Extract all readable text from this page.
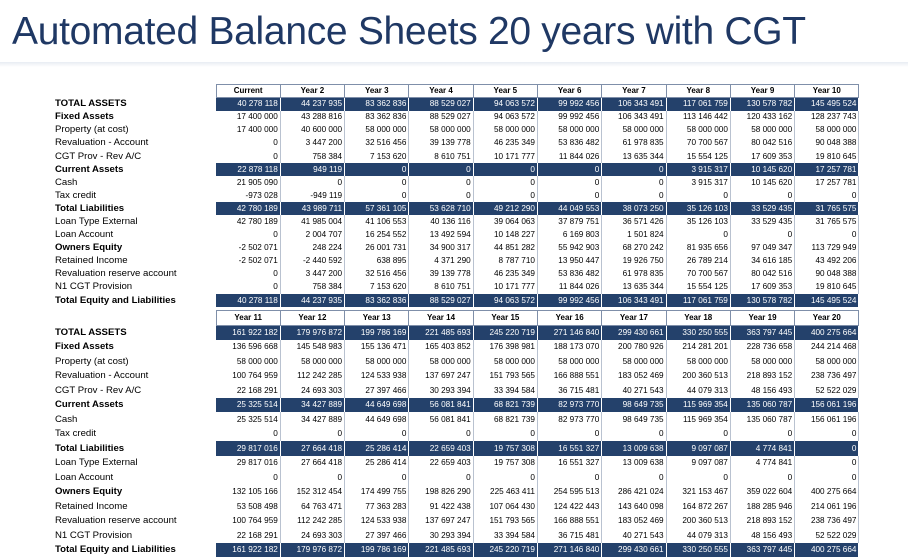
Automated Balance Sheets 20 years with CGT
	Current	Year 2	Year 3	Year 4	Year 5	Year 6	Year 7	Year 8	Year 9	Year 10
TOTAL ASSETS	40 278 118	44 237 935	83 362 836	88 529 027	94 063 572	99 992 456	106 343 491	117 061 759	130 578 782	145 495 524
Fixed Assets	17 400 000	43 288 816	83 362 836	88 529 027	94 063 572	99 992 456	106 343 491	113 146 442	120 433 162	128 237 743
Property (at cost)	17 400 000	40 600 000	58 000 000	58 000 000	58 000 000	58 000 000	58 000 000	58 000 000	58 000 000	58 000 000
Revaluation - Account	0	3 447 200	32 516 456	39 139 778	46 235 349	53 836 482	61 978 835	70 700 567	80 042 516	90 048 388
CGT Prov - Rev A/C	0	758 384	7 153 620	8 610 751	10 171 777	11 844 026	13 635 344	15 554 125	17 609 353	19 810 645
Current Assets	22 878 118	949 119	0	0	0	0	0	3 915 317	10 145 620	17 257 781
Cash	21 905 090	0	0	0	0	0	0	3 915 317	10 145 620	17 257 781
Tax credit	-973 028	-949 119	0	0	0	0	0	0	0	0
Total Liabilities	42 780 189	43 989 711	57 361 105	53 628 710	49 212 290	44 049 553	38 073 250	35 126 103	33 529 435	31 765 575
Loan Type External	42 780 189	41 985 004	41 106 553	40 136 116	39 064 063	37 879 751	36 571 426	35 126 103	33 529 435	31 765 575
Loan Account	0	2 004 707	16 254 552	13 492 594	10 148 227	6 169 803	1 501 824	0	0	0
Owners Equity	-2 502 071	248 224	26 001 731	34 900 317	44 851 282	55 942 903	68 270 242	81 935 656	97 049 347	113 729 949
Retained Income	-2 502 071	-2 440 592	638 895	4 371 290	8 787 710	13 950 447	19 926 750	26 789 214	34 616 185	43 492 206
Revaluation reserve account	0	3 447 200	32 516 456	39 139 778	46 235 349	53 836 482	61 978 835	70 700 567	80 042 516	90 048 388
N1 CGT Provision	0	758 384	7 153 620	8 610 751	10 171 777	11 844 026	13 635 344	15 554 125	17 609 353	19 810 645
Total Equity and Liabilities	40 278 118	44 237 935	83 362 836	88 529 027	94 063 572	99 992 456	106 343 491	117 061 759	130 578 782	145 495 524
	Year 11	Year 12	Year 13	Year 14	Year 15	Year 16	Year 17	Year 18	Year 19	Year 20
TOTAL ASSETS	161 922 182	179 976 872	199 786 169	221 485 693	245 220 719	271 146 840	299 430 661	330 250 555	363 797 445	400 275 664
Fixed Assets	136 596 668	145 548 983	155 136 471	165 403 852	176 398 981	188 173 070	200 780 926	214 281 201	228 736 658	244 214 468
Property (at cost)	58 000 000	58 000 000	58 000 000	58 000 000	58 000 000	58 000 000	58 000 000	58 000 000	58 000 000	58 000 000
Revaluation - Account	100 764 959	112 242 285	124 533 938	137 697 247	151 793 565	166 888 551	183 052 469	200 360 513	218 893 152	238 736 497
CGT Prov - Rev A/C	22 168 291	24 693 303	27 397 466	30 293 394	33 394 584	36 715 481	40 271 543	44 079 313	48 156 493	52 522 029
Current Assets	25 325 514	34 427 889	44 649 698	56 081 841	68 821 739	82 973 770	98 649 735	115 969 354	135 060 787	156 061 196
Cash	25 325 514	34 427 889	44 649 698	56 081 841	68 821 739	82 973 770	98 649 735	115 969 354	135 060 787	156 061 196
Tax credit	0	0	0	0	0	0	0	0	0	0
Total Liabilities	29 817 016	27 664 418	25 286 414	22 659 403	19 757 308	16 551 327	13 009 638	9 097 087	4 774 841	0
Loan Type External	29 817 016	27 664 418	25 286 414	22 659 403	19 757 308	16 551 327	13 009 638	9 097 087	4 774 841	0
Loan Account	0	0	0	0	0	0	0	0	0	0
Owners Equity	132 105 166	152 312 454	174 499 755	198 826 290	225 463 411	254 595 513	286 421 024	321 153 467	359 022 604	400 275 664
Retained Income	53 508 498	64 763 471	77 363 283	91 422 438	107 064 430	124 422 443	143 640 098	164 872 267	188 285 946	214 061 196
Revaluation reserve account	100 764 959	112 242 285	124 533 938	137 697 247	151 793 565	166 888 551	183 052 469	200 360 513	218 893 152	238 736 497
N1 CGT Provision	22 168 291	24 693 303	27 397 466	30 293 394	33 394 584	36 715 481	40 271 543	44 079 313	48 156 493	52 522 029
Total Equity and Liabilities	161 922 182	179 976 872	199 786 169	221 485 693	245 220 719	271 146 840	299 430 661	330 250 555	363 797 445	400 275 664
